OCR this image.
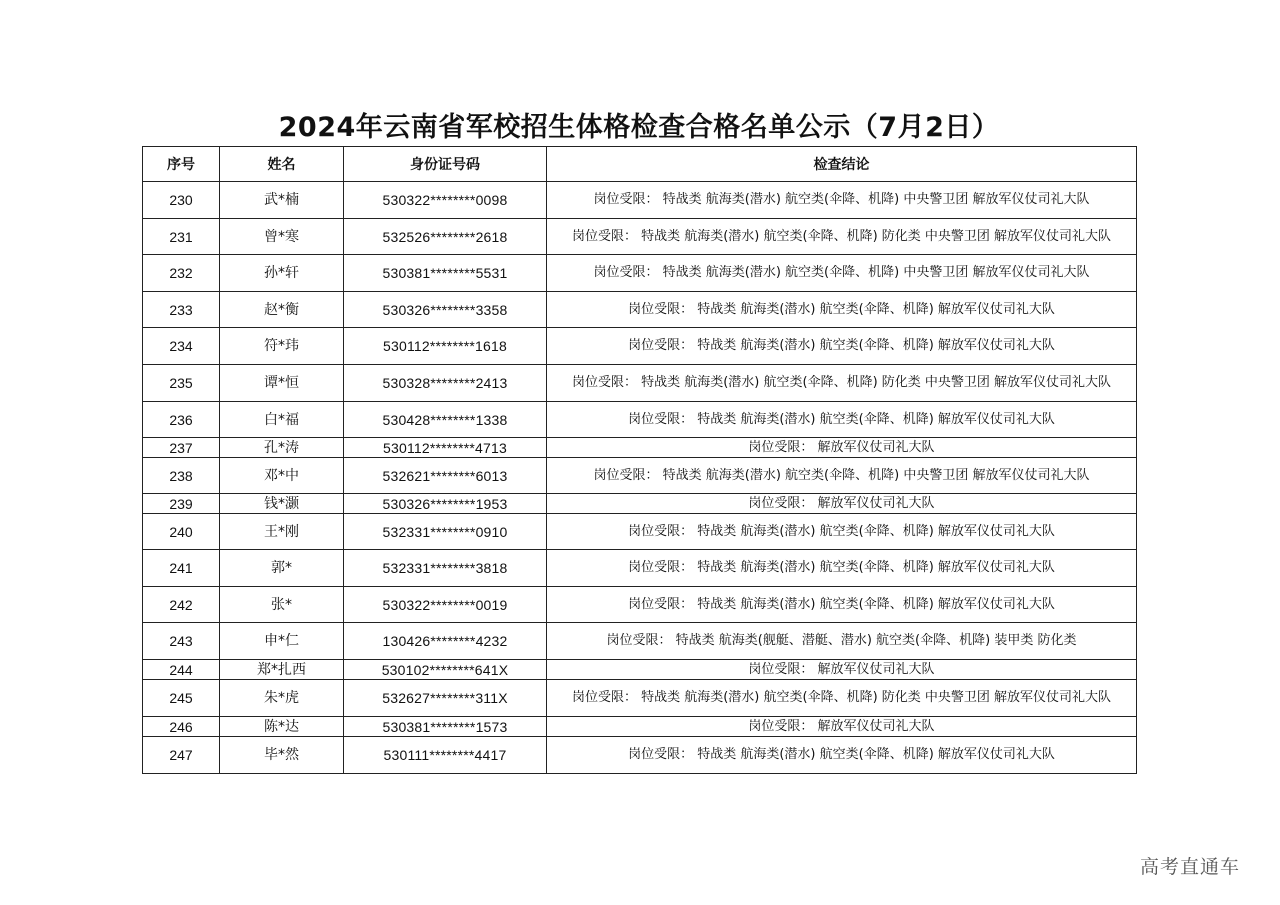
2024年云南省军校招生体格检查合格名单公示（7月2日）
序号	姓名	身份证号码	检查结论
230	武*楠	530322********0098	岗位受限： 特战类 航海类(潜水) 航空类(伞降、机降) 中央警卫团 解放军仪仗司礼大队
231	曾*寒	532526********2618	岗位受限： 特战类 航海类(潜水) 航空类(伞降、机降) 防化类 中央警卫团 解放军仪仗司礼大队
232	孙*轩	530381********5531	岗位受限： 特战类 航海类(潜水) 航空类(伞降、机降) 中央警卫团 解放军仪仗司礼大队
233	赵*衡	530326********3358	岗位受限： 特战类 航海类(潜水) 航空类(伞降、机降) 解放军仪仗司礼大队
234	符*玮	530112********1618	岗位受限： 特战类 航海类(潜水) 航空类(伞降、机降) 解放军仪仗司礼大队
235	谭*恒	530328********2413	岗位受限： 特战类 航海类(潜水) 航空类(伞降、机降) 防化类 中央警卫团 解放军仪仗司礼大队
236	白*福	530428********1338	岗位受限： 特战类 航海类(潜水) 航空类(伞降、机降) 解放军仪仗司礼大队
237	孔*涛	530112********4713	岗位受限： 解放军仪仗司礼大队
238	邓*中	532621********6013	岗位受限： 特战类 航海类(潜水) 航空类(伞降、机降) 中央警卫团 解放军仪仗司礼大队
239	钱*灏	530326********1953	岗位受限： 解放军仪仗司礼大队
240	王*刚	532331********0910	岗位受限： 特战类 航海类(潜水) 航空类(伞降、机降) 解放军仪仗司礼大队
241	郭*	532331********3818	岗位受限： 特战类 航海类(潜水) 航空类(伞降、机降) 解放军仪仗司礼大队
242	张*	530322********0019	岗位受限： 特战类 航海类(潜水) 航空类(伞降、机降) 解放军仪仗司礼大队
243	申*仁	130426********4232	岗位受限： 特战类 航海类(舰艇、潜艇、潜水) 航空类(伞降、机降) 装甲类 防化类
244	郑*扎西	530102********641X	岗位受限： 解放军仪仗司礼大队
245	朱*虎	532627********311X	岗位受限： 特战类 航海类(潜水) 航空类(伞降、机降) 防化类 中央警卫团 解放军仪仗司礼大队
246	陈*达	530381********1573	岗位受限： 解放军仪仗司礼大队
247	毕*然	530111********4417	岗位受限： 特战类 航海类(潜水) 航空类(伞降、机降) 解放军仪仗司礼大队
高考直通车
